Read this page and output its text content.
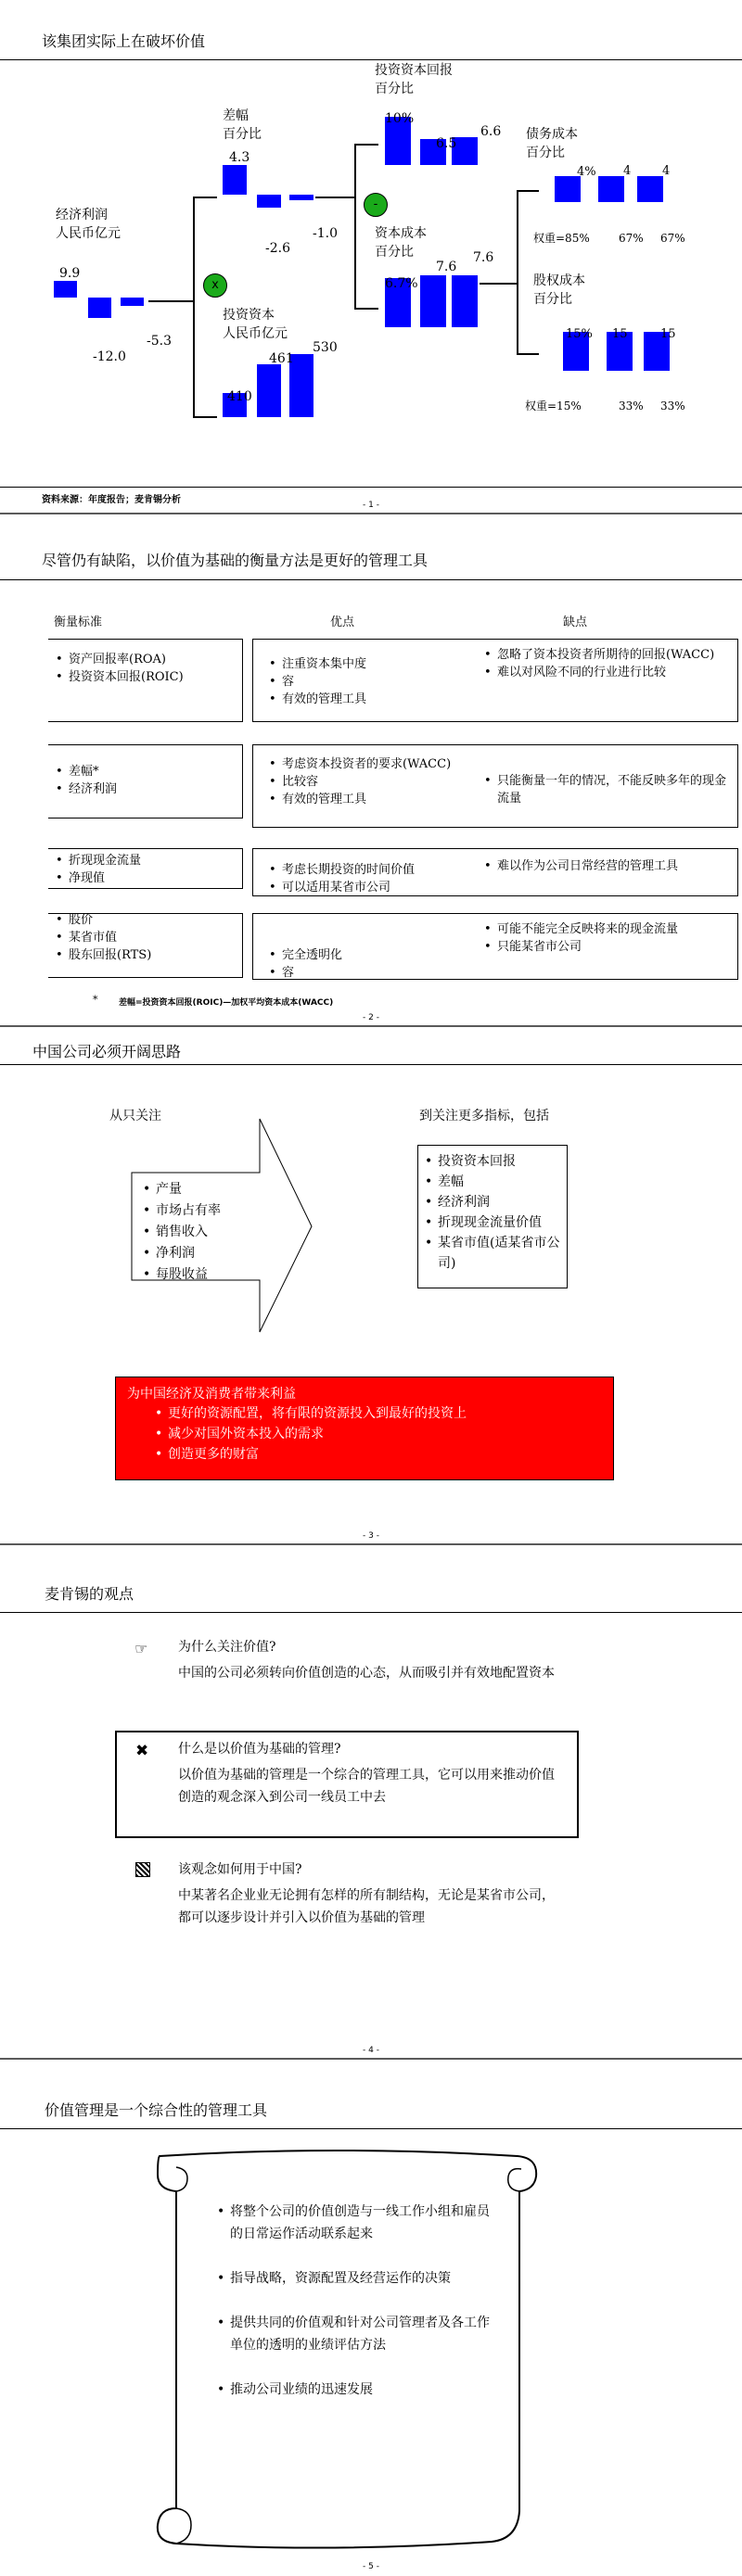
该集团实际上在破坏价值
经济利润
人民币亿元
9.9
-12.0
-5.3
x
差幅
百分比
4.3
-2.6
-1.0
-
投资资本
人民币亿元
410
461
530
投资资本回报
百分比
10%
6.5
6.6
资本成本
百分比
6.7%
7.6
7.6
债务成本
百分比
4% 4	4
权重=85%	67% 67%
股权成本
百分比
15% 15	15
权重=15%	33% 33%
资料来源：年度报告；麦肯锡分析	- 1 -
尽管仍有缺陷，以价值为基础的衡量方法是更好的管理工具
衡量标准	优点	缺点
• 资产回报率(ROA)
• 投资资本回报(ROIC)
• 注重资本集中度
• 容
• 有效的管理工具
• 忽略了资本投资者所期待的回报(WACC)
• 难以对风险不同的行业进行比较
• 差幅*
• 经济利润
• 考虑资本投资者的要求(WACC)
• 比较容
• 有效的管理工具
• 只能衡量一年的情况，不能反映多年的现金流量
• 折现现金流量
• 净现值
• 考虑长期投资的时间价值
• 可以适用某省市公司
• 难以作为公司日常经营的管理工具
• 股价
• 某省市值
• 股东回报(RTS)
•	完全透明化
• 容
• 可能不能完全反映将来的现金流量
• 只能某省市公司
*	差幅=投资资本回报(ROIC)—加权平均资本成本(WACC)
- 2 -
中国公司必须开阔思路
从只关注
• 产量
• 市场占有率
• 销售收入
• 净利润
• 每股收益
到关注更多指标，包括
• 投资资本回报
• 差幅
• 经济利润
• 折现现金流量价值
• 某省市值(适某省市公司)
为中国经济及消费者带来利益
• 更好的资源配置，将有限的资源投入到最好的投资上
• 减少对国外资本投入的需求
• 创造更多的财富
- 3 -
麦肯锡的观点
☞ 为什么关注价值?
中国的公司必须转向价值创造的心态，从而吸引并有效地配置资本
✖ 什么是以价值为基础的管理?
以价值为基础的管理是一个综合的管理工具，它可以用来推动价值创造的观念深入到公司一线员工中去
该观念如何用于中国?
中某著名企业业无论拥有怎样的所有制结构，无论是某省市公司，都可以逐步设计并引入以价值为基础的管理
- 4 -
价值管理是一个综合性的管理工具
• 将整个公司的价值创造与一线工作小组和雇员的日常运作活动联系起来
• 指导战略，资源配置及经营运作的决策
• 提供共同的价值观和针对公司管理者及各工作单位的透明的业绩评估方法
• 推动公司业绩的迅速发展
- 5 -
